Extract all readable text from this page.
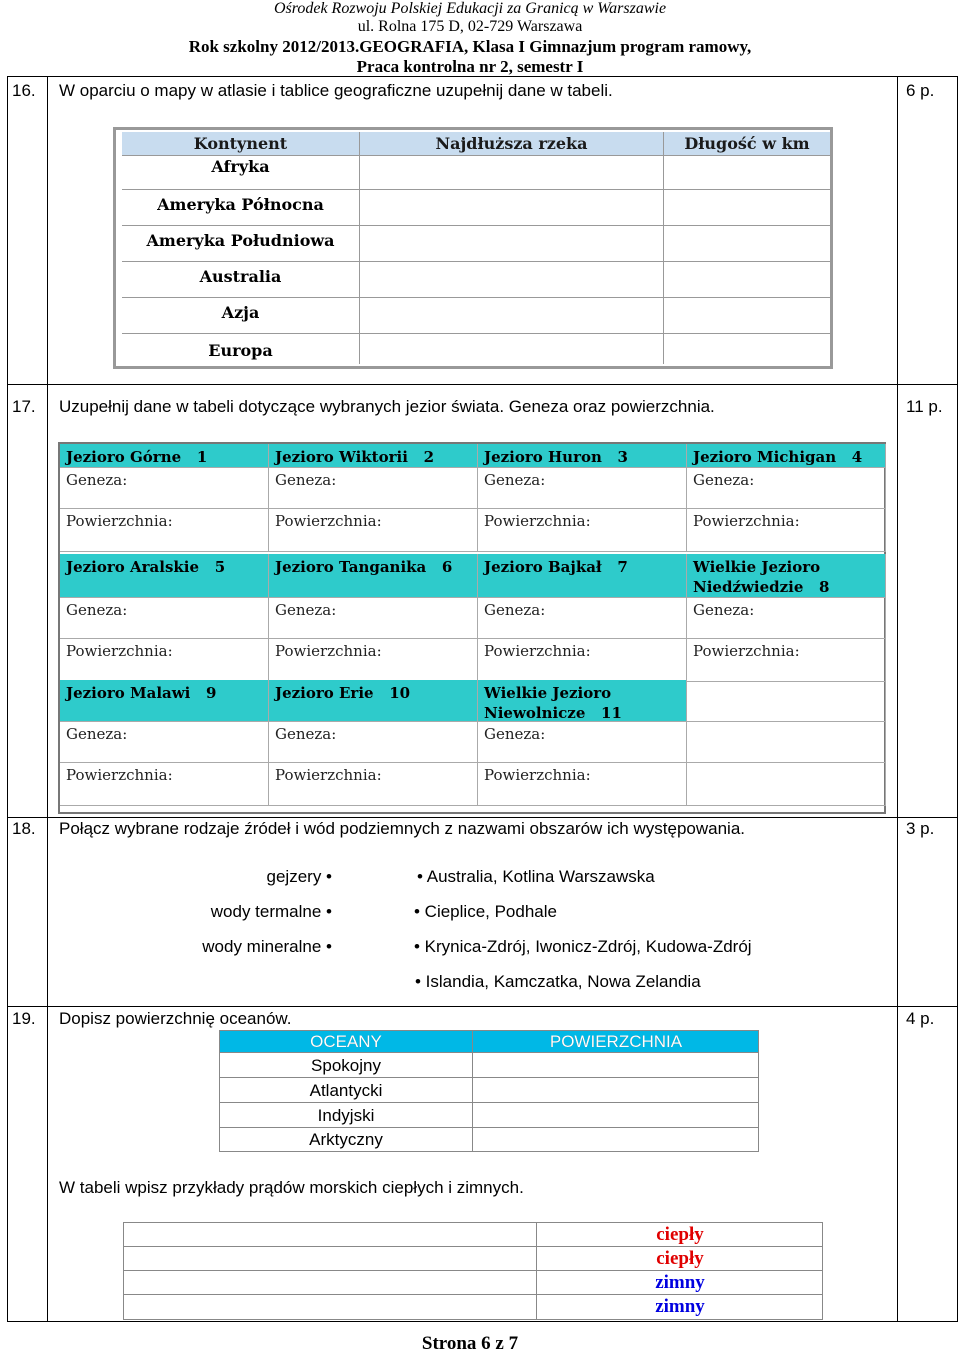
Ośrodek Rozwoju Polskiej Edukacji za Granicą w Warszawie
ul. Rolna 175 D, 02-729 Warszawa
Rok szkolny 2012/2013.GEOGRAFIA, Klasa I Gimnazjum program ramowy,
Praca kontrolna nr 2, semestr I
16. W oparciu o mapy w atlasie i tablice geograficzne uzupełnij dane w tabeli.	6 p.
Kontynent	Najdłuższa rzeka	Długość w km
Afryka
Ameryka Północna
Ameryka Południowa
Australia
Azja
Europa
17. Uzupełnij dane w tabeli dotyczące wybranych jezior świata. Geneza oraz powierzchnia.	11 p.
Jezioro Górne   1
Geneza:
Powierzchnia:
Jezioro Wiktorii   2
Geneza:
Powierzchnia:
Jezioro Huron   3
Geneza:
Powierzchnia:
Jezioro Michigan   4
Geneza:
Powierzchnia:
Jezioro Aralskie   5
Geneza:
Powierzchnia:
Jezioro Tanganika   6
Geneza:
Powierzchnia:
Jezioro Bajkał   7
Geneza:
Powierzchnia:
Wielkie Jezioro Niedźwiedzie   8
Geneza:
Powierzchnia:
Jezioro Malawi   9
Geneza:
Powierzchnia:
Jezioro Erie   10
Geneza:
Powierzchnia:
Wielkie Jezioro Niewolnicze   11
Geneza:
Powierzchnia:
18. Połącz wybrane rodzaje źródeł i wód podziemnych z nazwami obszarów ich występowania.	3 p.
gejzery •
wody termalne •
wody mineralne •
• Australia, Kotlina Warszawska
• Cieplice, Podhale
• Krynica-Zdrój, Iwonicz-Zdrój, Kudowa-Zdrój
• Islandia, Kamczatka, Nowa Zelandia
19. Dopisz powierzchnię oceanów.	4 p.
OCEANY	POWIERZCHNIA
Spokojny
Atlantycki
Indyjski
Arktyczny
W tabeli wpisz przykłady prądów morskich ciepłych i zimnych.
ciepły
ciepły
zimny
zimny
Strona 6 z 7
